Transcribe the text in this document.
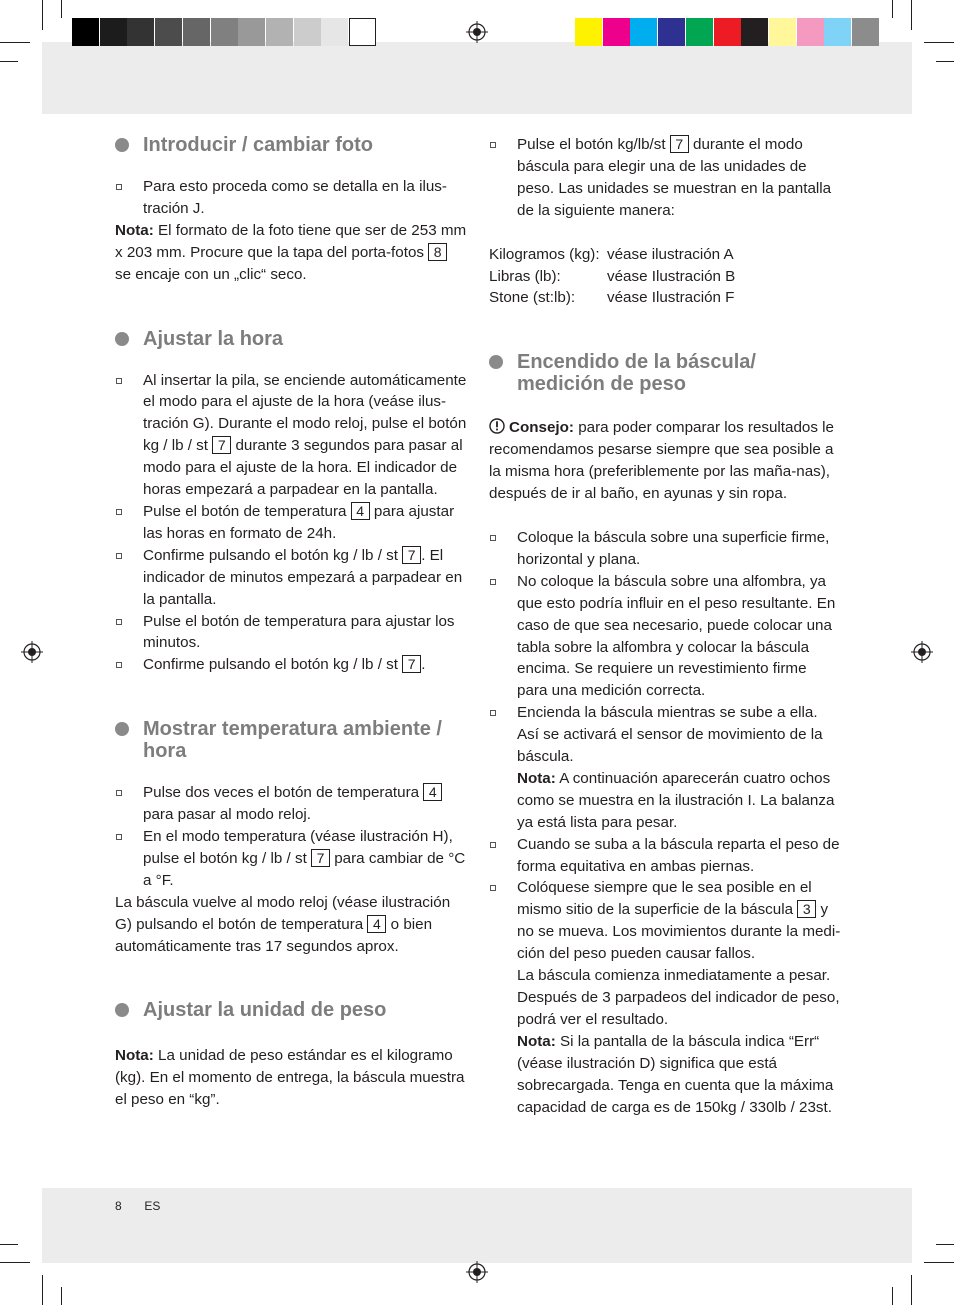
Introducir / cambiar foto

Para esto proceda como se detalla en la ilus-tración J.

Nota: El formato de la foto tiene que ser de 253 mm x 203 mm. Procure que la tapa del porta-fotos 8 se encaje con un „clic“ seco.

Ajustar la hora

Al insertar la pila, se enciende automáticamente el modo para el ajuste de la hora (veáse ilus-tración G). Durante el modo reloj, pulse el botón kg / lb / st 7 durante 3 segundos para pasar al modo para el ajuste de la hora. El indicador de horas empezará a parpadear en la pantalla.

Pulse el botón de temperatura 4 para ajustar las horas en formato de 24h.

Confirme pulsando el botón kg / lb / st 7 . El indicador de minutos empezará a parpadear en la pantalla.

Pulse el botón de temperatura para ajustar los minutos.

Confirme pulsando el botón kg / lb / st 7 .

Mostrar temperatura ambiente / hora

Pulse dos veces el botón de temperatura 4 para pasar al modo reloj.

En el modo temperatura (véase ilustración H), pulse el botón kg / lb / st 7 para cambiar de °C a °F.

La báscula vuelve al modo reloj (véase ilustración G) pulsando el botón de temperatura 4 o bien automáticamente tras 17 segundos aprox.

Ajustar la unidad de peso

Nota: La unidad de peso estándar es el kilogramo (kg). En el momento de entrega, la báscula muestra el peso en “kg”.

Pulse el botón kg/lb/st 7 durante el modo báscula para elegir una de las unidades de peso. Las unidades se muestran en la pantalla de la siguiente manera:

Kilogramos (kg): véase ilustración A
Libras (lb):	véase Ilustración B
Stone (st:lb):	véase Ilustración F
Encendido de la báscula/ medición de peso

Consejo: para poder comparar los resultados le recomendamos pesarse siempre que sea posible a la misma hora (preferiblemente por las maña-nas), después de ir al baño, en ayunas y sin ropa.

Coloque la báscula sobre una superficie firme, horizontal y plana.

No coloque la báscula sobre una alfombra, ya que esto podría influir en el peso resultante. En caso de que sea necesario, puede colocar una tabla sobre la alfombra y colocar la báscula encima. Se requiere un revestimiento firme para una medición correcta.

Encienda la báscula mientras se sube a ella. Así se activará el sensor de movimiento de la báscula.
Nota: A continuación aparecerán cuatro ochos como se muestra en la ilustración I. La balanza ya está lista para pesar.

Cuando se suba a la báscula reparta el peso de forma equitativa en ambas piernas.

Colóquese siempre que le sea posible en el mismo sitio de la superficie de la báscula 3 y no se mueva. Los movimientos durante la medi-ción del peso pueden causar fallos.
La báscula comienza inmediatamente a pesar. Después de 3 parpadeos del indicador de peso, podrá ver el resultado.
Nota: Si la pantalla de la báscula indica “Err“ (véase ilustración D) significa que está sobrecargada. Tenga en cuenta que la máxima capacidad de carga es de 150kg / 330lb / 23st.

8 ES
